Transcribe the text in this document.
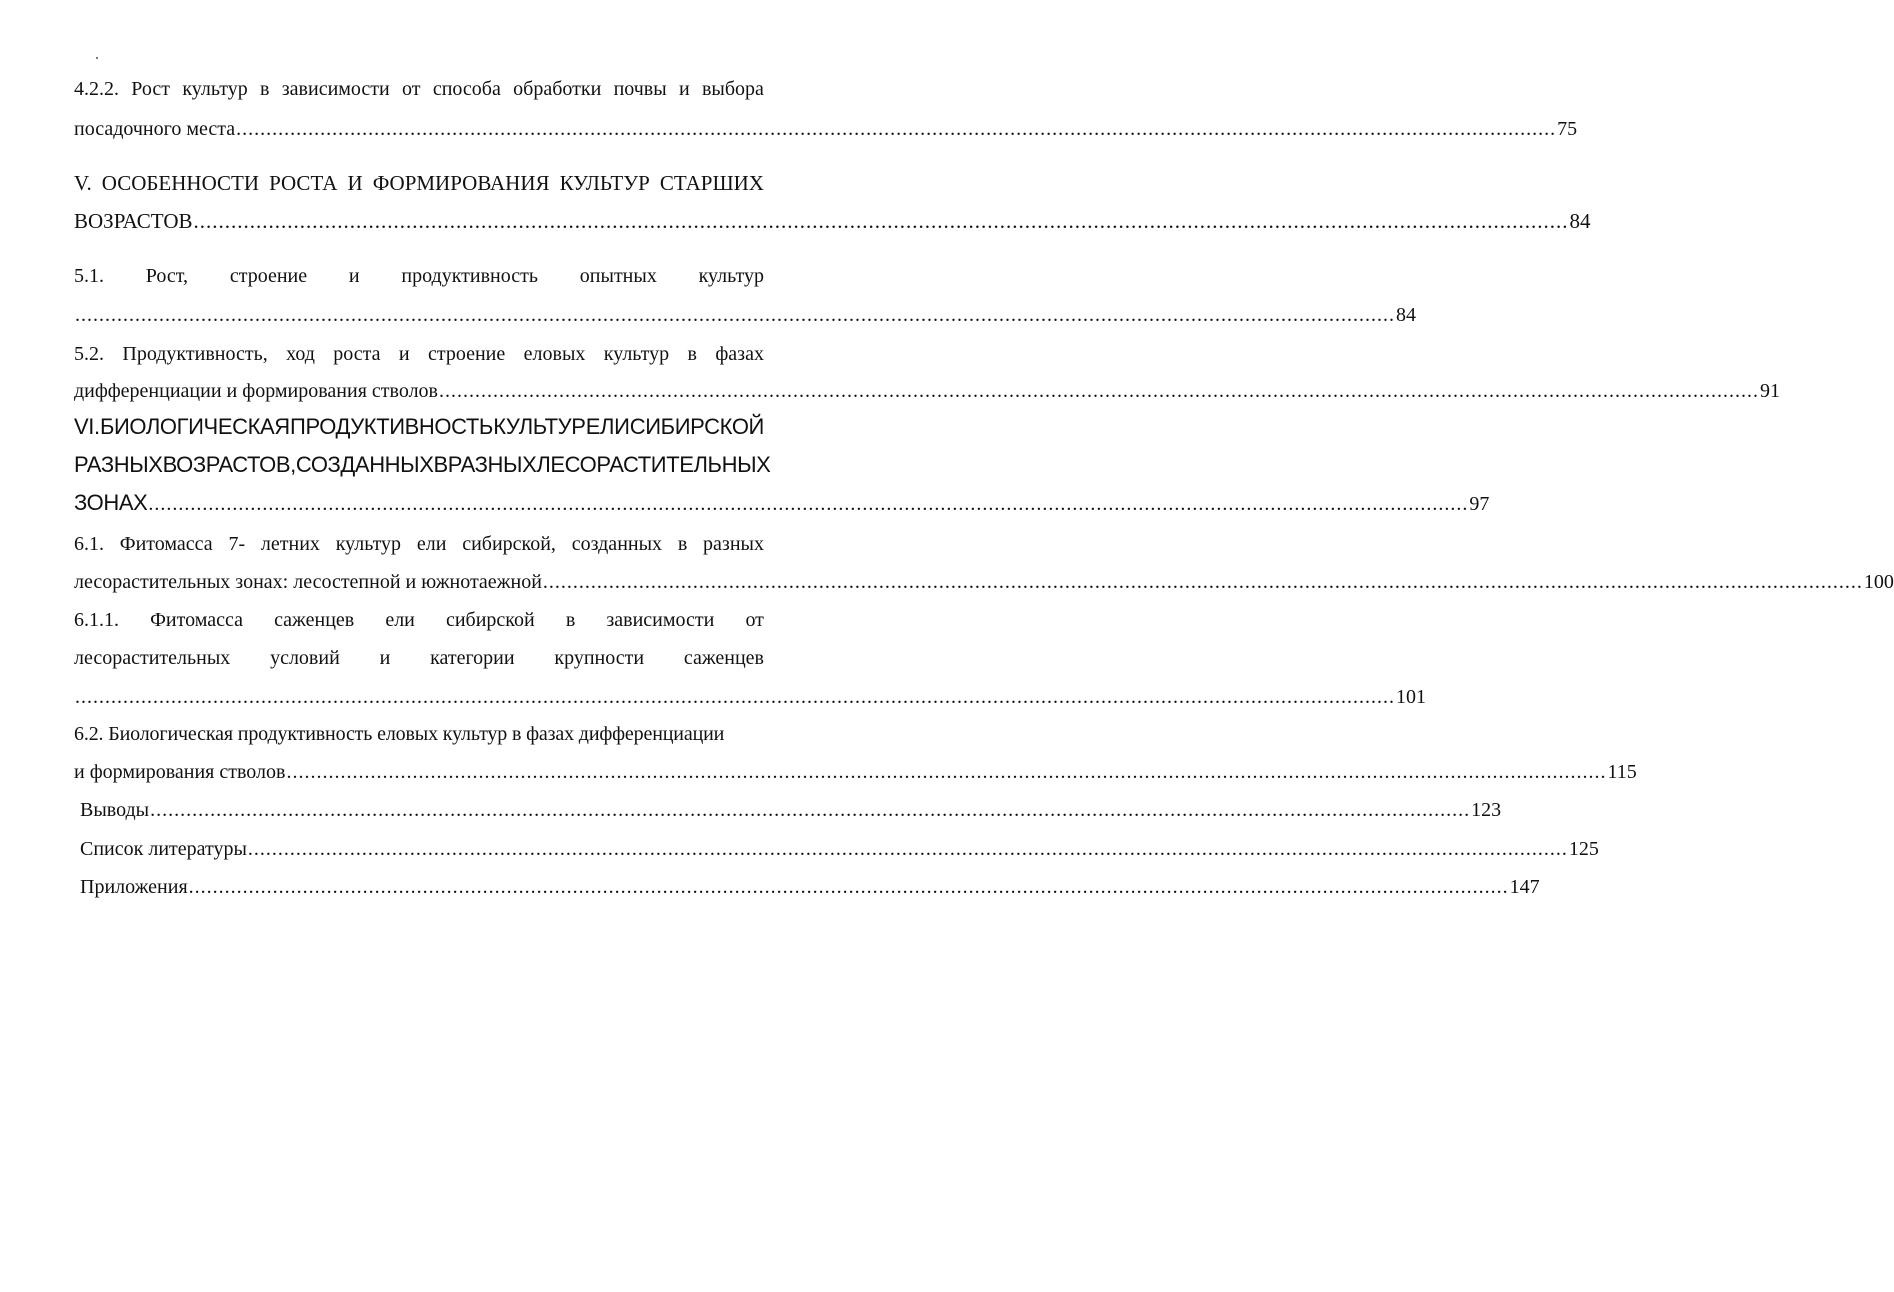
4.2.2. Рост культур в зависимости от способа обработки почвы и выбора
посадочного места ............................................................................................................................................................................................................................ 75
V. ОСОБЕННОСТИ РОСТА И ФОРМИРОВАНИЯ КУЛЬТУР СТАРШИХ
ВОЗРАСТОВ ............................................................................................................................................................................................................................ 84
5.1. Рост, строение и продуктивность опытных культур
............................................................................................................................................................................................................................ 84
5.2. Продуктивность, ход роста и строение еловых культур в фазах
дифференциации и формирования стволов ............................................................................................................................................................................................................................ 91
VI. БИОЛОГИЧЕСКАЯ ПРОДУКТИВНОСТЬ КУЛЬТУР ЕЛИ СИБИРСКОЙ
РАЗНЫХ ВОЗРАСТОВ, СОЗДАННЫХ В РАЗНЫХ ЛЕСОРАСТИТЕЛЬНЫХ
ЗОНАХ ............................................................................................................................................................................................................................ 97
6.1. Фитомасса 7- летних культур ели сибирской, созданных в разных
лесорастительных зонах: лесостепной и южнотаежной ............................................................................................................................................................................................................................ 100
6.1.1. Фитомасса саженцев ели сибирской в зависимости от
лесорастительных условий и категории крупности саженцев
............................................................................................................................................................................................................................ 101
6.2. Биологическая продуктивность еловых культур в фазах дифференциации
и формирования стволов ............................................................................................................................................................................................................................ 115
Выводы ............................................................................................................................................................................................................................ 123
Список литературы ............................................................................................................................................................................................................................ 125
Приложения ............................................................................................................................................................................................................................ 147
